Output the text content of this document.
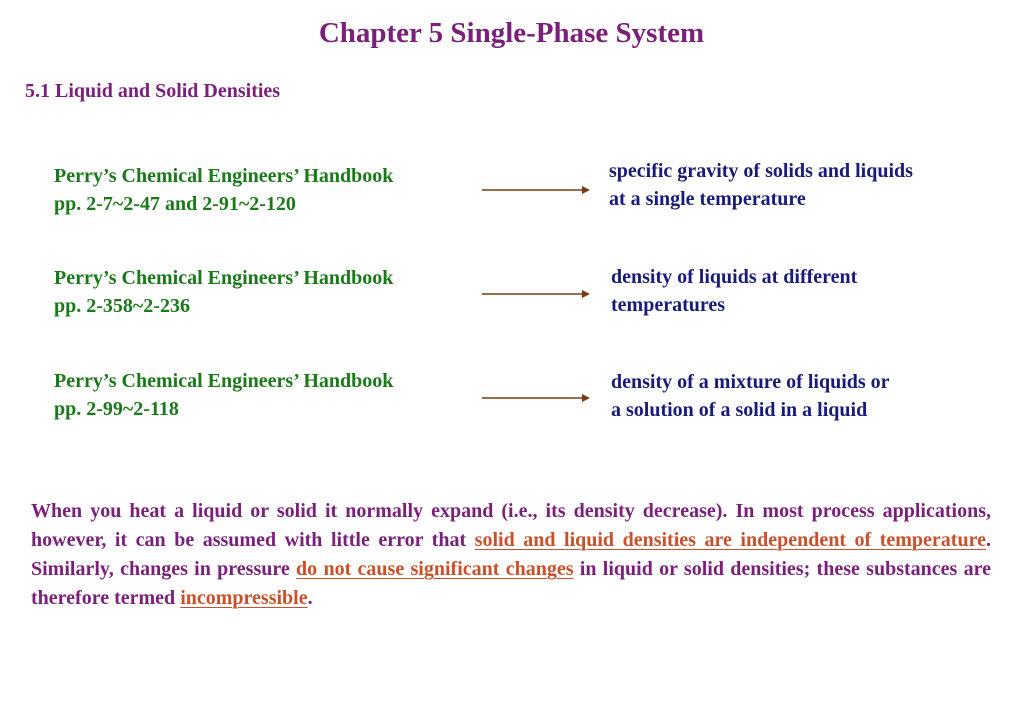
Chapter 5 Single-Phase System
5.1 Liquid and Solid Densities
Perry’s Chemical Engineers’ Handbook
pp. 2-7~2-47 and 2-91~2-120
specific gravity of solids and liquids
at a single temperature
Perry’s Chemical Engineers’ Handbook
pp. 2-358~2-236
density of liquids at different
temperatures
Perry’s Chemical Engineers’ Handbook
pp. 2-99~2-118
density of a mixture of liquids or
a solution of a solid in a liquid
When you heat a liquid or solid it normally expand (i.e., its density decrease). In most process applications, however, it can be assumed with little error that solid and liquid densities are independent of temperature. Similarly, changes in pressure do not cause significant changes in liquid or solid densities; these substances are therefore termed incompressible.
